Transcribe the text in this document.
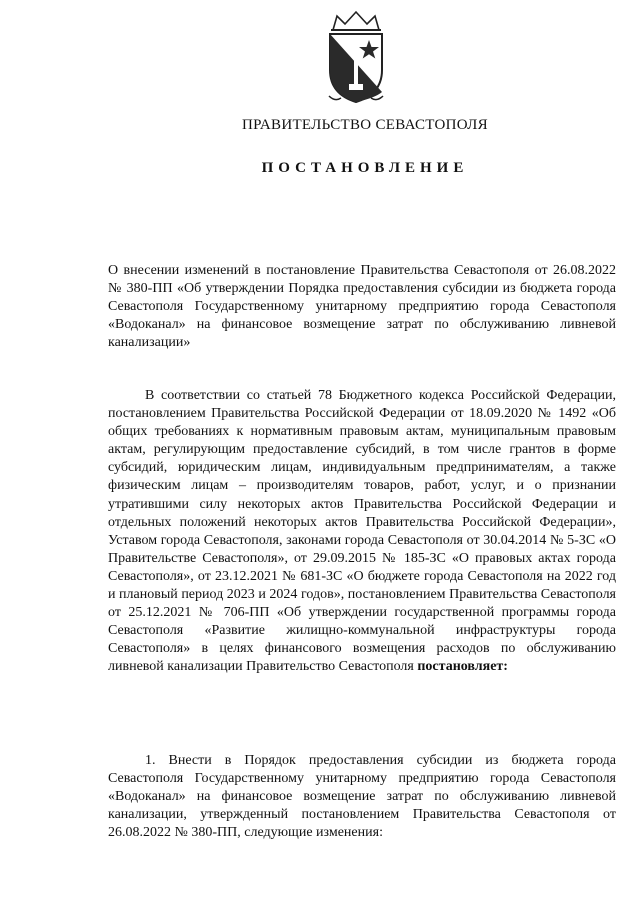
ПРАВИТЕЛЬСТВО СЕВАСТОПОЛЯ
ПОСТАНОВЛЕНИЕ
О внесении изменений в постановление Правительства Севастополя от 26.08.2022 № 380-ПП «Об утверждении Порядка предоставления субсидии из бюджета города Севастополя Государственному унитарному предприятию города Севастополя «Водоканал» на финансовое возмещение затрат по обслуживанию ливневой канализации»
В соответствии со статьей 78 Бюджетного кодекса Российской Федерации, постановлением Правительства Российской Федерации от 18.09.2020 № 1492 «Об общих требованиях к нормативным правовым актам, муниципальным правовым актам, регулирующим предоставление субсидий, в том числе грантов в форме субсидий, юридическим лицам, индивидуальным предпринимателям, а также физическим лицам – производителям товаров, работ, услуг, и о признании утратившими силу некоторых актов Правительства Российской Федерации и отдельных положений некоторых актов Правительства Российской Федерации», Уставом города Севастополя, законами города Севастополя от 30.04.2014 № 5-ЗС «О Правительстве Севастополя», от 29.09.2015 № 185-ЗС «О правовых актах города Севастополя», от 23.12.2021 № 681-ЗС «О бюджете города Севастополя на 2022 год и плановый период 2023 и 2024 годов», постановлением Правительства Севастополя от 25.12.2021 № 706-ПП «Об утверждении государственной программы города Севастополя «Развитие жилищно-коммунальной инфраструктуры города Севастополя» в целях финансового возмещения расходов по обслуживанию ливневой канализации Правительство Севастополя постановляет:
1. Внести в Порядок предоставления субсидии из бюджета города Севастополя Государственному унитарному предприятию города Севастополя «Водоканал» на финансовое возмещение затрат по обслуживанию ливневой канализации, утвержденный постановлением Правительства Севастополя от 26.08.2022 № 380-ПП, следующие изменения:
